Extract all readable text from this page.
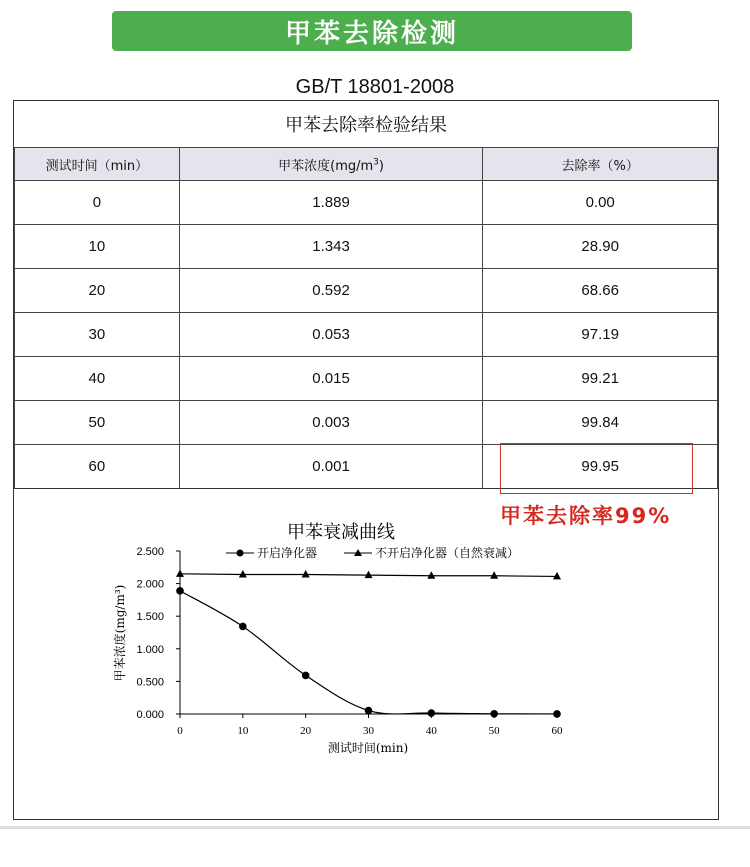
甲苯去除检测
GB/T 18801-2008
甲苯去除率检验结果
测试时间（min）	甲苯浓度$(mg/m^3)$	去除率（%）
0	1.889	0.00
10	1.343	28.90
20	0.592	68.66
30	0.053	97.19
40	0.015	99.21
50	0.003	99.84
60	0.001	99.95
甲苯去除率99%
甲苯衰减曲线
开启净化器	不开启净化器（自然衰减）
0	10	20	30	40	50	60
0.000
0.500
1.000
1.500
2.000
2.500
测试时间(min)
甲苯浓度(mg/m³)
